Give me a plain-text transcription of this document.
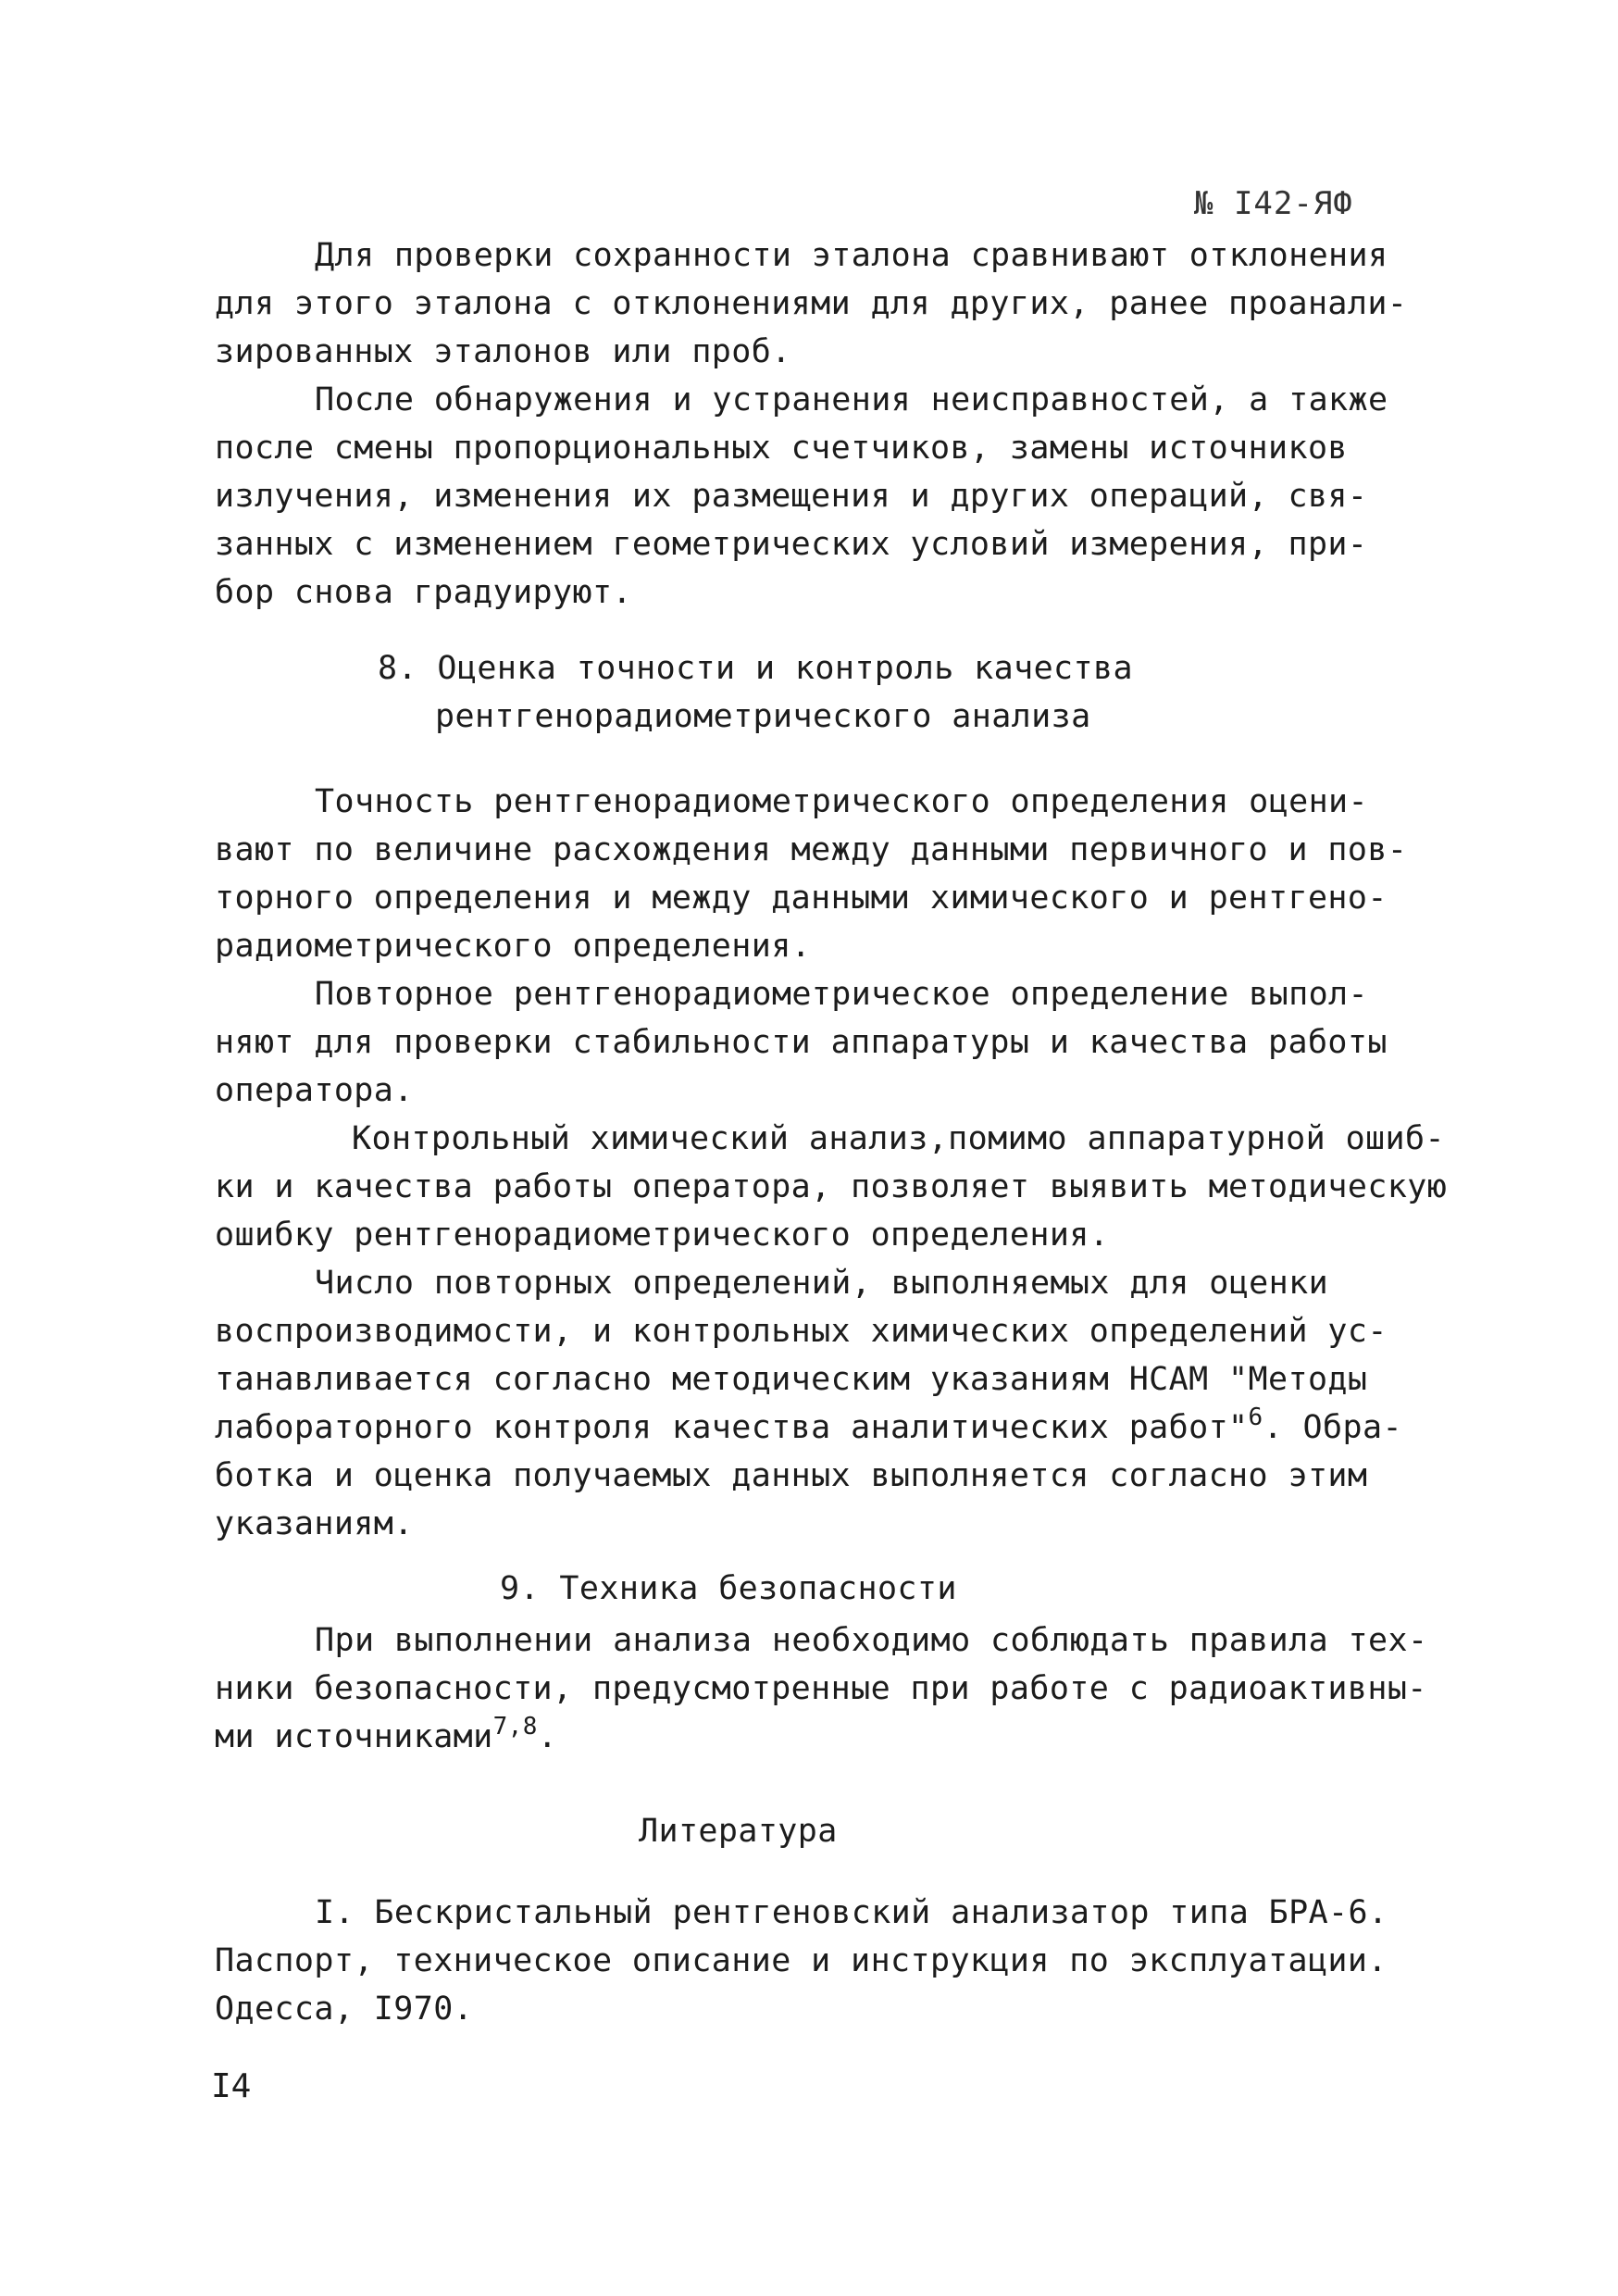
№ I42-ЯФ
Для проверки сохранности эталона сравнивают отклонения
для этого эталона с отклонениями для других, ранее проанали-
зированных эталонов или проб.
После обнаружения и устранения неисправностей, а также
после смены пропорциональных счетчиков, замены источников
излучения, изменения их размещения и других операций, свя-
занных с изменением геометрических условий измерения, при-
бор снова градуируют.
8. Оценка точности и контроль качества
рентгенорадиометрического анализа
Точность рентгенорадиометрического определения оцени-
вают по величине расхождения между данными первичного и пов-
торного определения и между данными химического и рентгено-
радиометрического определения.
Повторное рентгенорадиометрическое определение выпол-
няют для проверки стабильности аппаратуры и качества работы
оператора.
Контрольный химический анализ,помимо аппаратурной ошиб-
ки и качества работы оператора, позволяет выявить методическую
ошибку рентгенорадиометрического определения.
Число повторных определений, выполняемых для оценки
воспроизводимости, и контрольных химических определений ус-
танавливается согласно методическим указаниям НСАМ "Методы
лабораторного контроля качества аналитических работ"$^6$. Обра-
ботка и оценка получаемых данных выполняется согласно этим
указаниям.
9. Техника безопасности
При выполнении анализа необходимо соблюдать правила тех-
ники безопасности, предусмотренные при работе с радиоактивны-
ми источниками$^{7,8}$.
Литература
I. Бескристальный рентгеновский анализатор типа БРА-6.
Паспорт, техническое описание и инструкция по эксплуатации.
Одесса, I970.
I4
